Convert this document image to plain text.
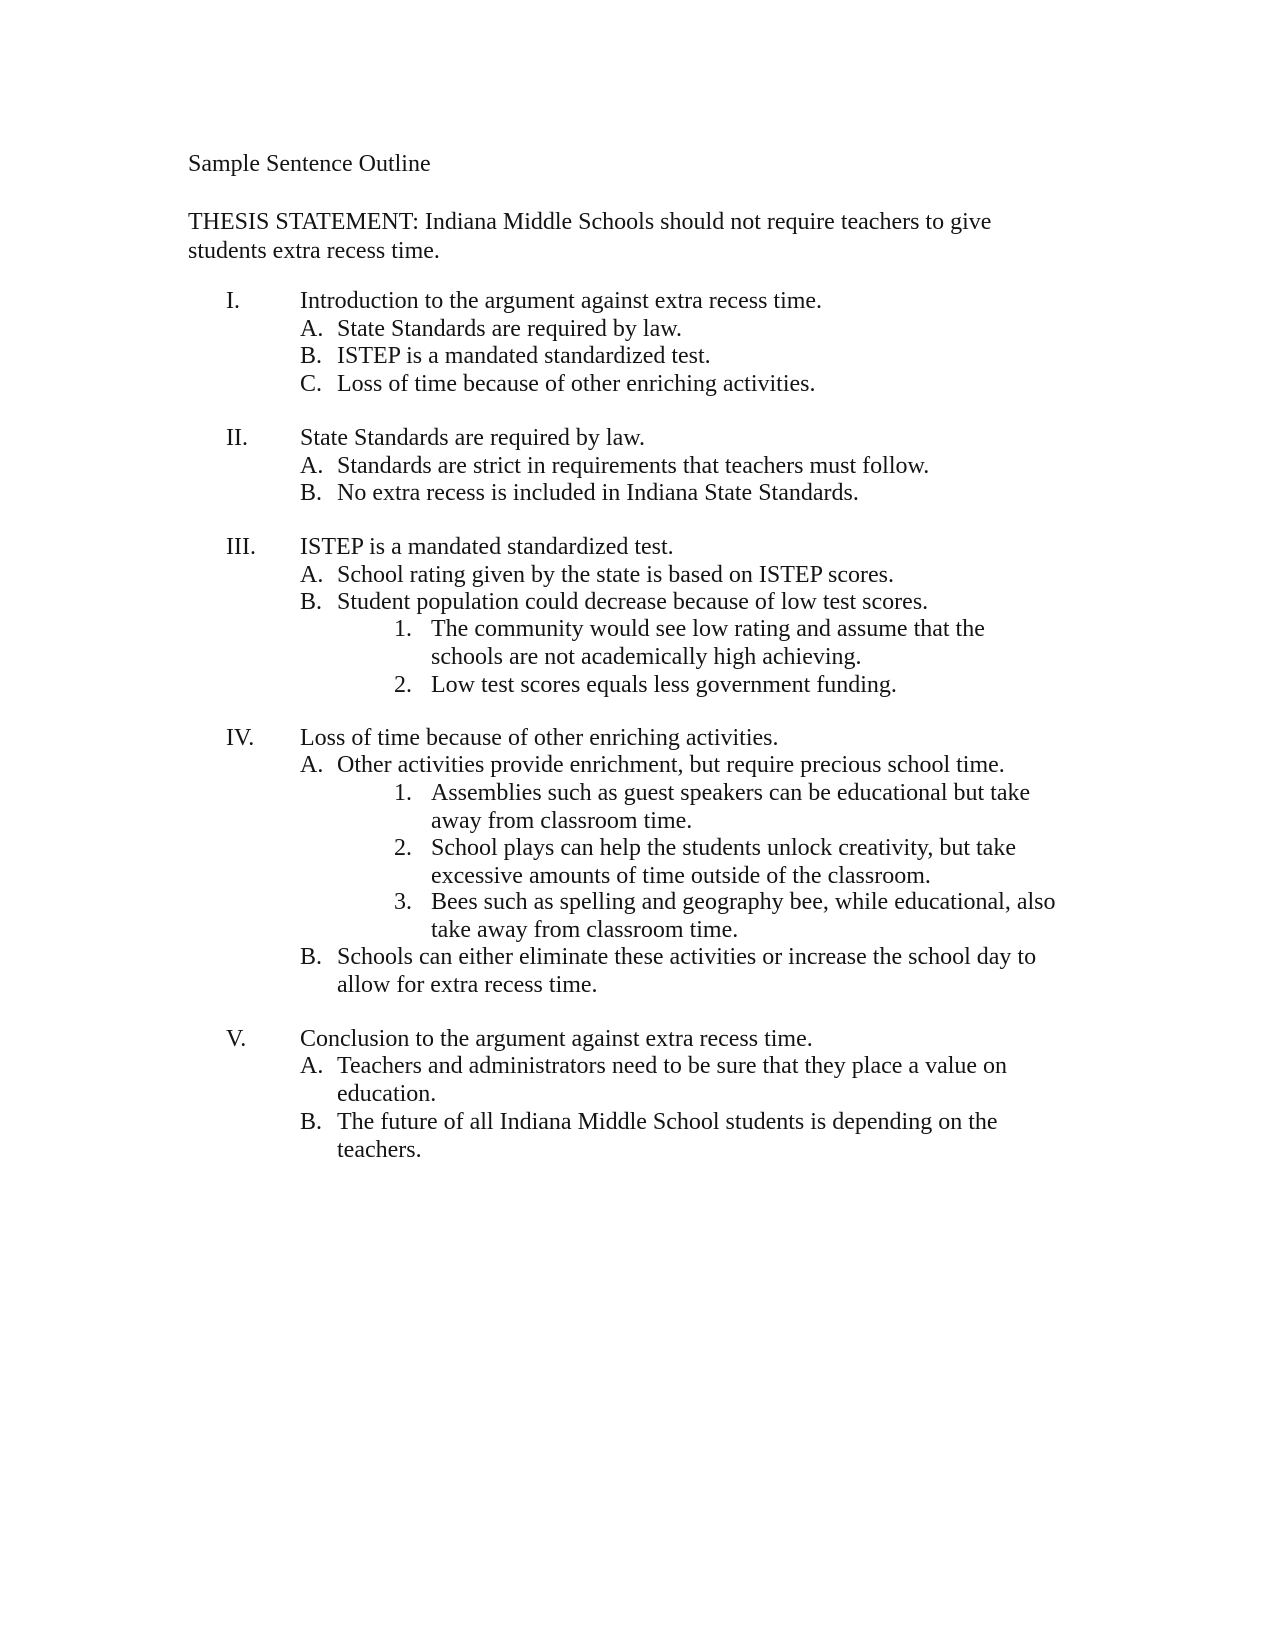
Sample Sentence Outline
THESIS STATEMENT: Indiana Middle Schools should not require teachers to give students extra recess time.
I.	Introduction to the argument against extra recess time.
A. State Standards are required by law.
B. ISTEP is a mandated standardized test.
C. Loss of time because of other enriching activities.
II. State Standards are required by law.
A. Standards are strict in requirements that teachers must follow.
B. No extra recess is included in Indiana State Standards.
III. ISTEP is a mandated standardized test.
A. School rating given by the state is based on ISTEP scores.
B. Student population could decrease because of low test scores.
1. The community would see low rating and assume that the
schools are not academically high achieving.
2. Low test scores equals less government funding.
IV. Loss of time because of other enriching activities.
A. Other activities provide enrichment, but require precious school time.
1. Assemblies such as guest speakers can be educational but take
away from classroom time.
2. School plays can help the students unlock creativity, but take
excessive amounts of time outside of the classroom.
3. Bees such as spelling and geography bee, while educational, also
take away from classroom time.
B. Schools can either eliminate these activities or increase the school day to
allow for extra recess time.
V. Conclusion to the argument against extra recess time.
A. Teachers and administrators need to be sure that they place a value on
education.
B. The future of all Indiana Middle School students is depending on the
teachers.
